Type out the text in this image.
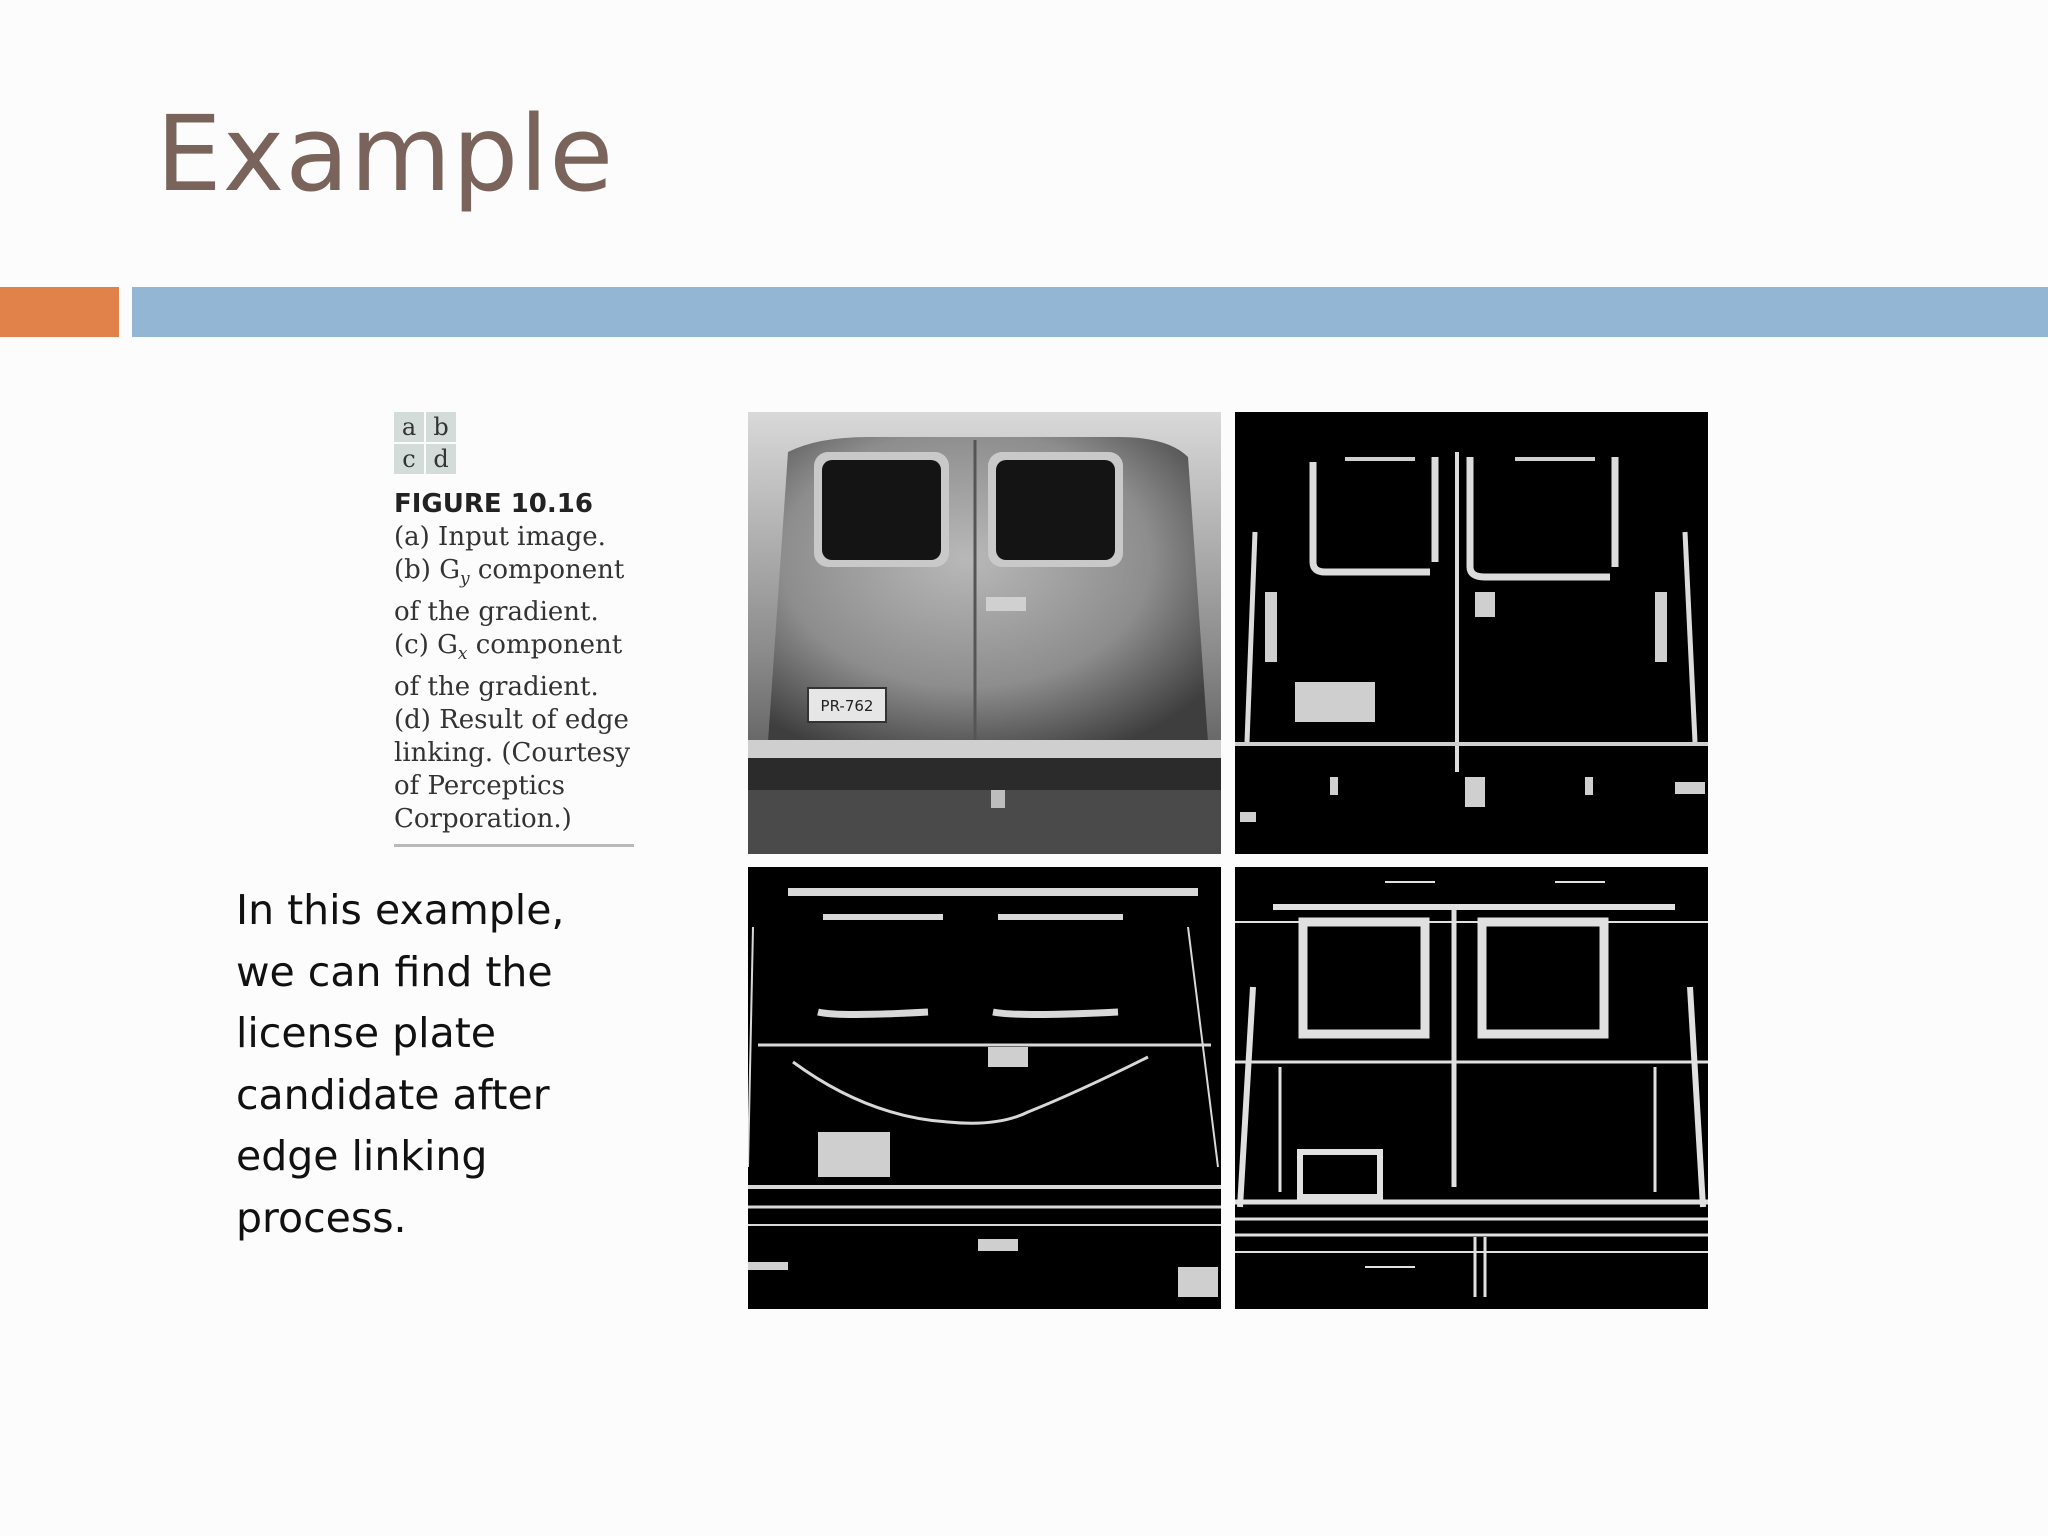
Example
a b
c d
FIGURE 10.16
(a) Input image.
(b) $G_y$ component
of the gradient.
(c) $G_x$ component
of the gradient.
(d) Result of edge
linking. (Courtesy
of Perceptics
Corporation.)
In this example, we can find the license plate candidate after edge linking process.
PR-762
